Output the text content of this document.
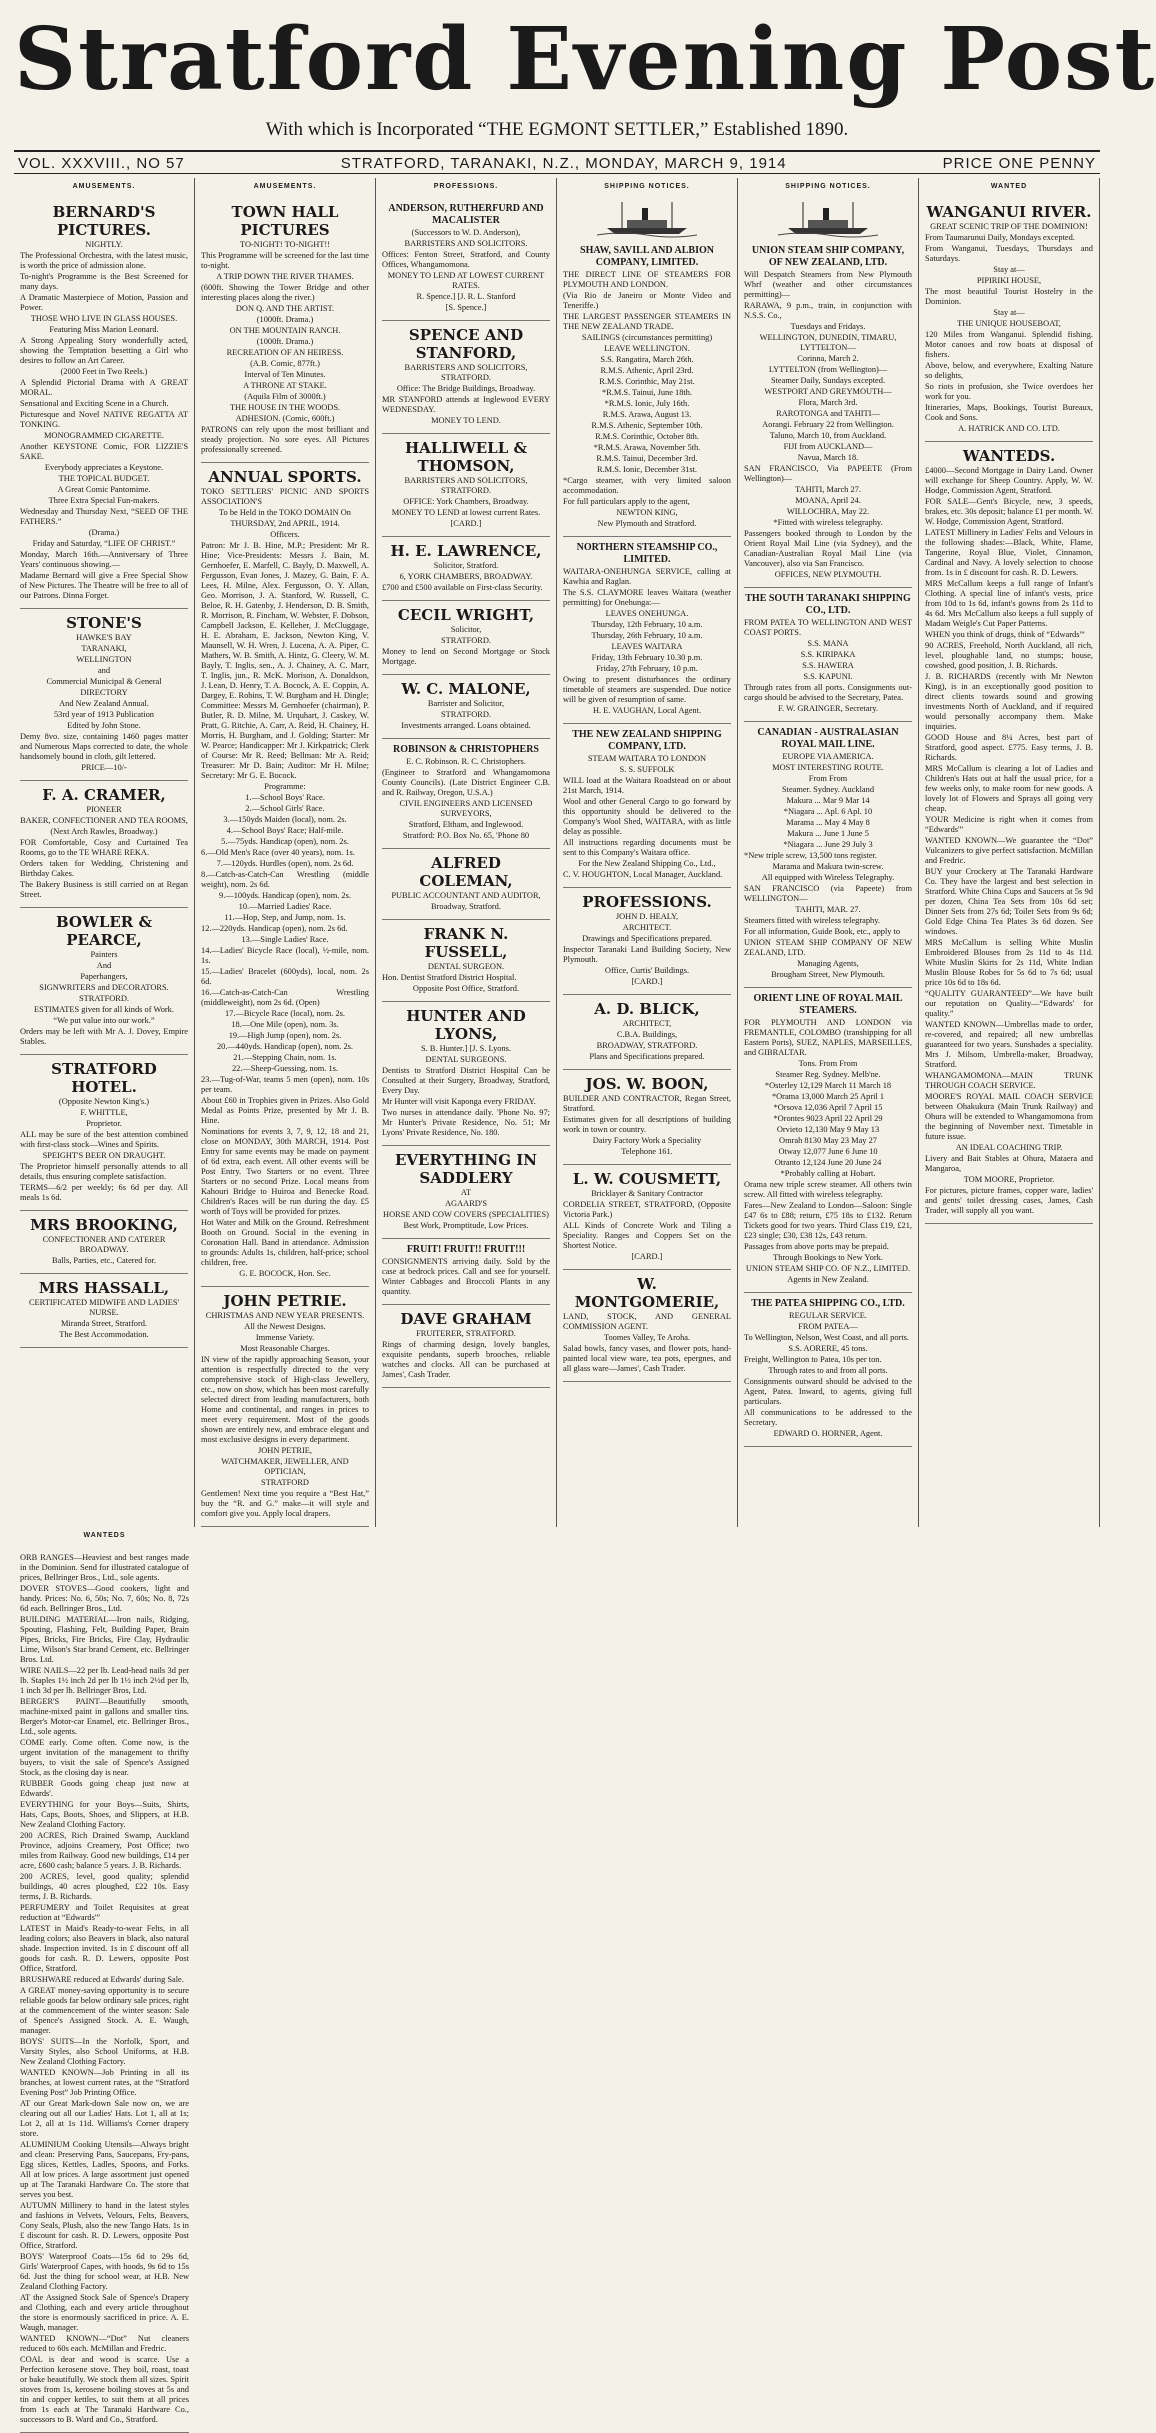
Stratford Evening Post
With which is Incorporated “THE EGMONT SETTLER,” Established 1890.
VOL. XXXVIII., NO 57	STRATFORD, TARANAKI, N.Z., MONDAY, MARCH 9, 1914	PRICE ONE PENNY
AMUSEMENTS.
BERNARD'S PICTURES.

NIGHTLY.

The Professional Orchestra, with the latest music, is worth the price of admission alone.

To-night's Programme is the Best Screened for many days.

A Dramatic Masterpiece of Motion, Passion and Power.

THOSE WHO LIVE IN GLASS HOUSES.

Featuring Miss Marion Leonard.

A Strong Appealing Story wonderfully acted, showing the Temptation besetting a Girl who desires to follow an Art Career.

(2000 Feet in Two Reels.)

A Splendid Pictorial Drama with A GREAT MORAL.

Sensational and Exciting Scene in a Church.

Picturesque and Novel NATIVE REGATTA AT TONKING.

MONOGRAMMED CIGARETTE.

Another KEYSTONE Comic, FOR LIZZIE'S SAKE.

Everybody appreciates a Keystone.

THE TOPICAL BUDGET.

A Great Comic Pantomime.

Three Extra Special Fun-makers.

Wednesday and Thursday Next, “SEED OF THE FATHERS.”

(Drama.)

Friday and Saturday, “LIFE OF CHRIST.”

Monday, March 16th.—Anniversary of Three Years' continuous showing.—

Madame Bernard will give a Free Special Show of New Pictures. The Theatre will be free to all of our Patrons. Dinna Forget.

STONE'S

HAWKE'S BAY

TARANAKI,

WELLINGTON

and

Commercial Municipal & General

DIRECTORY

And New Zealand Annual.

53rd year of 1913 Publication

Edited by John Stone.

Demy 8vo. size, containing 1460 pages matter and Numerous Maps corrected to date, the whole handsomely bound in cloth, gilt lettered.

PRICE—10/-

F. A. CRAMER,

PIONEER

BAKER, CONFECTIONER AND TEA ROOMS,

(Next Arch Rawles, Broadway.)

FOR Comfortable, Cosy and Curtained Tea Rooms, go to the TE WHARE REKA.

Orders taken for Wedding, Christening and Birthday Cakes.

The Bakery Business is still carried on at Regan Street.

BOWLER & PEARCE,

Painters

And

Paperhangers,

SIGNWRITERS and DECORATORS.

STRATFORD.

ESTIMATES given for all kinds of Work.

“We put value into our work.”

Orders may be left with Mr A. J. Dovey, Empire Stables.

STRATFORD HOTEL.

(Opposite Newton King's.)

F. WHITTLE,

Proprietor.

ALL may be sure of the best attention combined with first-class stock—Wines and Spirits.

SPEIGHT'S BEER ON DRAUGHT.

The Proprietor himself personally attends to all details, thus ensuring complete satisfaction.

TERMS—6/2 per weekly; 6s 6d per day. All meals 1s 6d.

MRS BROOKING,

CONFECTIONER AND CATERER BROADWAY.

Balls, Parties, etc., Catered for.

MRS HASSALL,

CERTIFICATED MIDWIFE AND LADIES' NURSE.

Miranda Street, Stratford.

The Best Accommodation.

AMUSEMENTS.
TOWN HALL PICTURES

TO-NIGHT! TO-NIGHT!!

This Programme will be screened for the last time to-night.

A TRIP DOWN THE RIVER THAMES.

(600ft. Showing the Tower Bridge and other interesting places along the river.)

DON Q. AND THE ARTIST.

(1000ft. Drama.)

ON THE MOUNTAIN RANCH.

(1000ft. Drama.)

RECREATION OF AN HEIRESS.

(A.B. Comic, 877ft.)

Interval of Ten Minutes.

A THRONE AT STAKE.

(Aquila Film of 3000ft.)

THE HOUSE IN THE WOODS.

ADHESION. (Comic, 600ft.)

PATRONS can rely upon the most brilliant and steady projection. No sore eyes. All Pictures professionally screened.

ANNUAL SPORTS.

TOKO SETTLERS' PICNIC AND SPORTS ASSOCIATION'S

To be Held in the TOKO DOMAIN On

THURSDAY, 2nd APRIL, 1914.

Officers.

Patron: Mr J. B. Hine, M.P.; President: Mr R. Hine; Vice-Presidents: Messrs J. Bain, M. Gernhoefer, E. Marfell, C. Bayly, D. Maxwell, A. Fergusson, Evan Jones, J. Mazey, G. Bain, F. A. Lees, H. Milne, Alex. Fergusson, O. Y. Allan, Geo. Morrison, J. A. Stanford, W. Russell, C. Beloe, R. H. Gatenby, J. Henderson, D. B. Smith, R. Morrison, R. Fincham, W. Webster, F. Dobson, Campbell Jackson, E. Kelleher, J. McCluggage, H. E. Abraham, E. Jackson, Newton King, V. Maunsell, W. H. Wren, J. Lucena, A. A. Piper, C. Mathers, W. B. Smith, A. Hintz, G. Cleery, W. M. Bayly, T. Inglis, sen., A. J. Chainey, A. C. Marr, T. Inglis, jun., R. McK. Morison, A. Donaldson, J. Lean, D. Henry, T. A. Bocock, A. E. Coppin, A. Dargey, E. Robins, T. W. Burgham and H. Dingle; Committee: Messrs M. Gernhoefer (chairman), P. Butler, R. D. Milne, M. Urquhart, J. Caskey, W. Pratt, G. Ritchie, A. Carr, A. Reid, H. Chainey, H. Morris, H. Burgham, and J. Golding; Starter: Mr W. Pearce; Handicapper: Mr J. Kirkpatrick; Clerk of Course: Mr R. Reed; Bellman: Mr A. Reid; Treasurer: Mr D. Bain; Auditor: Mr H. Milne; Secretary: Mr G. E. Bocock.

Programme:

1.—School Boys' Race.

2.—School Girls' Race.

3.—150yds Maiden (local), nom. 2s.

4.—School Boys' Race; Half-mile.

5.—75yds. Handicap (open), nom. 2s.

6.—Old Men's Race (over 40 years), nom. 1s.

7.—120yds. Hurdles (open), nom. 2s 6d.

8.—Catch-as-Catch-Can Wrestling (middle weight), nom. 2s 6d.

9.—100yds. Handicap (open), nom. 2s.

10.—Married Ladies' Race.

11.—Hop, Step, and Jump, nom. 1s.

12.—220yds. Handicap (open), nom. 2s 6d.

13.—Single Ladies' Race.

14.—Ladies' Bicycle Race (local), ½-mile, nom. 1s.

15.—Ladies' Bracelet (600yds), local, nom. 2s 6d.

16.—Catch-as-Catch-Can Wrestling (middleweight), nom 2s 6d. (Open)

17.—Bicycle Race (local), nom. 2s.

18.—One Mile (open), nom. 3s.

19.—High Jump (open), nom. 2s.

20.—440yds. Handicap (open), nom. 2s.

21.—Stepping Chain, nom. 1s.

22.—Sheep-Guessing, nom. 1s.

23.—Tug-of-War, teams 5 men (open), nom. 10s per team.

About £60 in Trophies given in Prizes. Also Gold Medal as Points Prize, presented by Mr J. B. Hine.

Nominations for events 3, 7, 9, 12, 18 and 21, close on MONDAY, 30th MARCH, 1914. Post Entry for same events may be made on payment of 6d extra, each event. All other events will be Post Entry. Two Starters or no event. Three Starters or no second Prize. Local means from Kahouri Bridge to Huiroa and Benecke Road. Children's Races will be run during the day. £5 worth of Toys will be provided for prizes.

Hot Water and Milk on the Ground. Refreshment Booth on Ground. Social in the evening in Coronation Hall. Band in attendance. Admission to grounds: Adults 1s, children, half-price; school children, free.

G. E. BOCOCK, Hon. Sec.

JOHN PETRIE.

CHRISTMAS AND NEW YEAR PRESENTS.

All the Newest Designs.

Immense Variety.

Most Reasonable Charges.

IN view of the rapidly approaching Season, your attention is respectfully directed to the very comprehensive stock of High-class Jewellery, etc., now on show, which has been most carefully selected direct from leading manufacturers, both Home and continental, and ranges in prices to meet every requirement. Most of the goods shown are entirely new, and embrace elegant and most exclusive designs in every department.

JOHN PETRIE,

WATCHMAKER, JEWELLER, AND OPTICIAN,

STRATFORD

Gentlemen! Next time you require a “Best Hat,” buy the “R. and G.” make—it will style and comfort give you. Apply local drapers.

PROFESSIONS.
ANDERSON, RUTHERFURD AND MACALISTER

(Successors to W. D. Anderson),

BARRISTERS AND SOLICITORS.

Offices: Fenton Street, Stratford, and County Offices, Whangamomona.

MONEY TO LEND AT LOWEST CURRENT RATES.

R. Spence.] [J. R. L. Stanford

[S. Spence.]

SPENCE AND STANFORD,

BARRISTERS AND SOLICITORS, STRATFORD.

Office: The Bridge Buildings, Broadway.

MR STANFORD attends at Inglewood EVERY WEDNESDAY.

MONEY TO LEND.

HALLIWELL & THOMSON,

BARRISTERS AND SOLICITORS, STRATFORD.

OFFICE: York Chambers, Broadway.

MONEY TO LEND at lowest current Rates.

[CARD.]

H. E. LAWRENCE,

Solicitor, Stratford.

6, YORK CHAMBERS, BROADWAY.

£700 and £500 available on First-class Security.

CECIL WRIGHT,

Solicitor,

STRATFORD.

Money to lend on Second Mortgage or Stock Mortgage.

W. C. MALONE,

Barrister and Solicitor,

STRATFORD.

Investments arranged. Loans obtained.

ROBINSON & CHRISTOPHERS

E. C. Robinson. R. C. Christophers.

(Engineer to Stratford and Whangamomona County Councils). (Late District Engineer C.B. and R. Railway, Oregon, U.S.A.)

CIVIL ENGINEERS AND LICENSED SURVEYORS,

Stratford, Eltham, and Inglewood.

Stratford: P.O. Box No. 65, 'Phone 80

ALFRED COLEMAN,

PUBLIC ACCOUNTANT AND AUDITOR,

Broadway, Stratford.

FRANK N. FUSSELL,

DENTAL SURGEON.

Hon. Dentist Stratford District Hospital.

Opposite Post Office, Stratford.

HUNTER AND LYONS,

S. B. Hunter.] [J. S. Lyons.

DENTAL SURGEONS.

Dentists to Stratford District Hospital Can be Consulted at their Surgery, Broadway, Stratford, Every Day.

Mr Hunter will visit Kaponga every FRIDAY.

Two nurses in attendance daily. 'Phone No. 97; Mr Hunter's Private Residence, No. 51; Mr Lyons' Private Residence, No. 180.

EVERYTHING IN SADDLERY

AT

AGAARD'S

HORSE AND COW COVERS (SPECIALITIES)

Best Work, Promptitude, Low Prices.

FRUIT! FRUIT!! FRUIT!!!

CONSIGNMENTS arriving daily. Sold by the case at bedrock prices. Call and see for yourself. Winter Cabbages and Broccoli Plants in any quantity.

DAVE GRAHAM

FRUITERER, STRATFORD.

Rings of charming design, lovely bangles, exquisite pendants, superb brooches, reliable watches and clocks. All can be purchased at James', Cash Trader.

SHIPPING NOTICES.
SHAW, SAVILL AND ALBION COMPANY, LIMITED.

THE DIRECT LINE OF STEAMERS FOR PLYMOUTH AND LONDON.

(Via Rio de Janeiro or Monte Video and Teneriffe.)

THE LARGEST PASSENGER STEAMERS IN THE NEW ZEALAND TRADE.

SAILINGS (circumstances permitting)

LEAVE WELLINGTON.

S.S. Rangatira, March 26th.

R.M.S. Athenic, April 23rd.

R.M.S. Corinthic, May 21st.

*R.M.S. Tainui, June 18th.

*R.M.S. Ionic, July 16th.

R.M.S. Arawa, August 13.

R.M.S. Athenic, September 10th.

R.M.S. Corinthic, October 8th.

*R.M.S. Arawa, November 5th.

R.M.S. Tainui, December 3rd.

R.M.S. Ionic, December 31st.

*Cargo steamer, with very limited saloon accommodation.

For full particulars apply to the agent,

NEWTON KING,

New Plymouth and Stratford.

NORTHERN STEAMSHIP CO., LIMITED.

WAITARA-ONEHUNGA SERVICE, calling at Kawhia and Raglan.

The S.S. CLAYMORE leaves Waitara (weather permitting) for Onehunga:—

LEAVES ONEHUNGA.

Thursday, 12th February, 10 a.m.

Thursday, 26th February, 10 a.m.

LEAVES WAITARA

Friday, 13th February 10.30 p.m.

Friday, 27th February, 10 p.m.

Owing to present disturbances the ordinary timetable of steamers are suspended. Due notice will be given of resumption of same.

H. E. VAUGHAN, Local Agent.

THE NEW ZEALAND SHIPPING COMPANY, LTD.

STEAM WAITARA TO LONDON

S. S. SUFFOLK

WILL load at the Waitara Roadstead on or about 21st March, 1914.

Wool and other General Cargo to go forward by this opportunity should be delivered to the Company's Wool Shed, WAITARA, with as little delay as possible.

All instructions regarding documents must be sent to this Company's Waitara office.

For the New Zealand Shipping Co., Ltd.,

C. V. HOUGHTON, Local Manager, Auckland.

PROFESSIONS.

JOHN D. HEALY,

ARCHITECT.

Drawings and Specifications prepared.

Inspector Taranaki Land Building Society, New Plymouth.

Office, Curtis' Buildings.

[CARD.]

A. D. BLICK,

ARCHITECT,

C.B.A. Buildings,

BROADWAY, STRATFORD.

Plans and Specifications prepared.

JOS. W. BOON,

BUILDER AND CONTRACTOR, Regan Street, Stratford.

Estimates given for all descriptions of building work in town or country.

Dairy Factory Work a Speciality

Telephone 161.

L. W. COUSMETT,

Bricklayer & Sanitary Contractor

CORDELIA STREET, STRATFORD, (Opposite Victoria Park.)

ALL Kinds of Concrete Work and Tiling a Speciality. Ranges and Coppers Set on the Shortest Notice.

[CARD.]

W. MONTGOMERIE,

LAND, STOCK, AND GENERAL COMMISSION AGENT.

Toomes Valley, Te Aroha.

Salad bowls, fancy vases, and flower pots, hand-painted local view ware, tea pots, epergnes, and all glass ware—James', Cash Trader.

SHIPPING NOTICES.
UNION STEAM SHIP COMPANY, OF NEW ZEALAND, LTD.

Will Despatch Steamers from New Plymouth Whrf (weather and other circumstances permitting)—

RARAWA, 9 p.m., train, in conjunction with N.S.S. Co.,

Tuesdays and Fridays.

WELLINGTON, DUNEDIN, TIMARU, LYTTELTON—

Corinna, March 2.

LYTTELTON (from Wellington)—

Steamer Daily, Sundays excepted.

WESTPORT AND GREYMOUTH—

Flora, March 3rd.

RAROTONGA and TAHITI—

Aorangi. February 22 from Wellington.

Taluno, March 10, from Auckland.

FIJI from AUCKLAND—

Navua, March 18.

SAN FRANCISCO, Via PAPEETE (From Wellington)—

TAHITI, March 27.

MOANA, April 24.

WILLOCHRA, May 22.

*Fitted with wireless telegraphy.

Passengers booked through to London by the Orient Royal Mail Line (via Sydney), and the Canadian-Australian Royal Mail Line (via Vancouver), also via San Francisco.

OFFICES, NEW PLYMOUTH.

THE SOUTH TARANAKI SHIPPING CO., LTD.

FROM PATEA TO WELLINGTON AND WEST COAST PORTS.

S.S. MANA

S.S. KIRIPAKA

S.S. HAWERA

S.S. KAPUNI.

Through rates from all ports. Consignments out-cargo should be advised to the Secretary, Patea.

F. W. GRAINGER, Secretary.

CANADIAN - AUSTRALASIAN ROYAL MAIL LINE.

EUROPE VIA AMERICA.

MOST INTERESTING ROUTE.

From From

Steamer. Sydney. Auckland

Makura ... Mar 9 Mar 14

*Niagara ... Apl. 6 Apl. 10

Marama ... May 4 May 8

Makura ... June 1 June 5

*Niagara ... June 29 July 3

*New triple screw, 13,500 tons register.

Marama and Makura twin-screw.

All equipped with Wireless Telegraphy.

SAN FRANCISCO (via Papeete) from WELLINGTON—

TAHITI, MAR. 27.

Steamers fitted with wireless telegraphy.

For all information, Guide Book, etc., apply to

UNION STEAM SHIP COMPANY OF NEW ZEALAND, LTD.

Managing Agents,

Brougham Street, New Plymouth.

ORIENT LINE OF ROYAL MAIL STEAMERS.

FOR PLYMOUTH AND LONDON via FREMANTLE, COLOMBO (transhipping for all Eastern Ports), SUEZ, NAPLES, MARSEILLES, and GIBRALTAR.

Tons. From From

Steamer Reg. Sydney. Melb'ne.

*Osterley 12,129 March 11 March 18

*Orama 13,000 March 25 April 1

*Orsova 12,036 April 7 April 15

*Orontes 9023 April 22 April 29

Orvieto 12,130 May 9 May 13

Omrah 8130 May 23 May 27

Otway 12,077 June 6 June 10

Otranto 12,124 June 20 June 24

*Probably calling at Hobart.

Orama new triple screw steamer. All others twin screw. All fitted with wireless telegraphy.

Fares—New Zealand to London—Saloon: Single £47 6s to £88; return, £75 18s to £132. Return Tickets good for two years. Third Class £19, £21, £23 single; £30, £38 12s, £43 return.

Passages from above ports may be prepaid.

Through Bookings to New York.

UNION STEAM SHIP CO. OF N.Z., LIMITED.

Agents in New Zealand.

THE PATEA SHIPPING CO., LTD.

REGULAR SERVICE.

FROM PATEA—

To Wellington, Nelson, West Coast, and all ports.

S.S. AORERE, 45 tons.

Freight, Wellington to Patea, 10s per ton.

Through rates to and from all ports.

Consignments outward should be advised to the Agent, Patea. Inward, to agents, giving full particulars.

All communications to be addressed to the Secretary.

EDWARD O. HORNER, Agent.

WANTED
WANGANUI RIVER.

GREAT SCENIC TRIP OF THE DOMINION!

From Taumarunui Daily, Mondays excepted.

From Wanganui, Tuesdays, Thursdays and Saturdays.

Stay at—

PIPIRIKI HOUSE,

The most beautiful Tourist Hostelry in the Dominion.

Stay at—

THE UNIQUE HOUSEBOAT,

120 Miles from Wanganui. Splendid fishing. Motor canoes and row boats at disposal of fishers.

Above, below, and everywhere, Exalting Nature so delights,

So riots in profusion, she Twice overdoes her work for you.

Itineraries, Maps, Bookings, Tourist Bureaux, Cook and Sons.

A. HATRICK AND CO. LTD.

WANTEDS.

£4000—Second Mortgage in Dairy Land. Owner will exchange for Sheep Country. Apply, W. W. Hodge, Commission Agent, Stratford.

FOR SALE—Gent's Bicycle, new, 3 speeds, brakes, etc. 30s deposit; balance £1 per month. W. W. Hodge, Commission Agent, Stratford.

LATEST Millinery in Ladies' Felts and Velours in the following shades:—Black, White, Flame, Tangerine, Royal Blue, Violet, Cinnamon, Cardinal and Navy. A lovely selection to choose from. 1s in £ discount for cash. R. D. Lewers.

MRS McCallum keeps a full range of Infant's Clothing. A special line of infant's vests, price from 10d to 1s 6d, infant's gowns from 2s 11d to 4s 6d. Mrs McCallum also keeps a full supply of Madam Weigle's Cut Paper Patterns.

WHEN you think of drugs, think of “Edwards'”

90 ACRES, Freehold, North Auckland, all rich, level, ploughable land, no stumps; house, cowshed, good position, J. B. Richards.

J. B. RICHARDS (recently with Mr Newton King), is in an exceptionally good position to direct clients towards sound and growing investments North of Auckland, and if required would personally accompany them. Make inquiries.

GOOD House and 8¼ Acres, best part of Stratford, good aspect. £775. Easy terms, J. B. Richards.

MRS McCallum is clearing a lot of Ladies and Children's Hats out at half the usual price, for a few weeks only, to make room for new goods. A lovely lot of Flowers and Sprays all going very cheap.

YOUR Medicine is right when it comes from “Edwards'”

WANTED KNOWN—We guarantee the “Dot” Vulcanizers to give perfect satisfaction. McMillan and Fredric.

BUY your Crockery at The Taranaki Hardware Co. They have the largest and best selection in Stratford. White China Cups and Saucers at 5s 9d per dozen, China Tea Sets from 10s 6d set; Dinner Sets from 27s 6d; Toilet Sets from 9s 6d; Gold Edge China Tea Plates 3s 6d dozen. See windows.

MRS McCallum is selling White Muslin Embroidered Blouses from 2s 11d to 4s 11d. White Muslin Skirts for 2s 11d, White Indian Muslin Blouse Robes for 5s 6d to 7s 6d; usual price 10s 6d to 18s 6d.

“QUALITY GUARANTEED”—We have built our reputation on Quality—“Edwards' for quality.”

WANTED KNOWN—Umbrellas made to order, re-covered, and repaired; all new umbrellas guaranteed for two years. Sunshades a speciality. Mrs J. Milsom, Umbrella-maker, Broadway, Stratford.

WHANGAMOMONA—MAIN TRUNK THROUGH COACH SERVICE.

MOORE'S ROYAL MAIL COACH SERVICE between Ohakukura (Main Trunk Railway) and Ohura will be extended to Whangamomona from the beginning of November next. Timetable in future issue.

AN IDEAL COACHING TRIP.

Livery and Bait Stables at Ohura, Mataera and Mangaroa,

TOM MOORE, Proprietor.

For pictures, picture frames, copper ware, ladies' and gents' toilet dressing cases, James, Cash Trader, will supply all you want.

WANTEDS

ORB RANGES—Heaviest and best ranges made in the Dominion. Send for illustrated catalogue of prices, Bellringer Bros., Ltd., sole agents.

DOVER STOVES—Good cookers, light and handy. Prices: No. 6, 50s; No. 7, 60s; No. 8, 72s 6d each. Bellringer Bros., Ltd.

BUILDING MATERIAL—Iron nails, Ridging, Spouting, Flashing, Felt, Building Paper, Brain Pipes, Bricks, Fire Bricks, Fire Clay, Hydraulic Lime, Wilson's Star brand Cement, etc. Bellringer Bros. Ltd.

WIRE NAILS—22 per lb. Lead-head nails 3d per lb. Staples 1½ inch 2d per lb 1½ inch 2½d per lb, 1 inch 3d per lb. Bellringer Bros, Ltd.

BERGER'S PAINT—Beautifully smooth, machine-mixed paint in gallons and smaller tins. Berger's Motor-car Enamel, etc. Bellringer Bros., Ltd., sole agents.

COME early. Come often. Come now, is the urgent invitation of the management to thrifty buyers, to visit the sale of Spence's Assigned Stock, as the closing day is near.

RUBBER Goods going cheap just now at Edwards'.

EVERYTHING for your Boys—Suits, Shirts, Hats, Caps, Boots, Shoes, and Slippers, at H.B. New Zealand Clothing Factory.

200 ACRES, Rich Drained Swamp, Auckland Province, adjoins Creamery, Post Office; two miles from Railway. Good new buildings, £14 per acre, £600 cash; balance 5 years. J. B. Richards.

200 ACRES, level, good quality; splendid buildings, 40 acres ploughed, £22 10s. Easy terms, J. B. Richards.

PERFUMERY and Toilet Requisites at great reduction at “Edwards'”

LATEST in Maid's Ready-to-wear Felts, in all leading colors; also Beavers in black, also natural shade. Inspection invited. 1s in £ discount off all goods for cash. R. D. Lewers, opposite Post Office, Stratford.

BRUSHWARE reduced at Edwards' during Sale.

A GREAT money-saving opportunity is to secure reliable goods far below ordinary sale prices, right at the commencement of the winter season: Sale of Spence's Assigned Stock. A. E. Waugh, manager.

BOYS' SUITS—In the Norfolk, Sport, and Varsity Styles, also School Uniforms, at H.B. New Zealand Clothing Factory.

WANTED KNOWN—Job Printing in all its branches, at lowest current rates, at the “Stratford Evening Post” Job Printing Office.

AT our Great Mark-down Sale now on, we are clearing out all our Ladies' Hats. Lot 1, all at 1s; Lot 2, all at 1s 11d. Williams's Corner drapery store.

ALUMINIUM Cooking Utensils—Always bright and clean: Preserving Pans, Saucepans, Fry-pans, Egg slices, Kettles, Ladles, Spoons, and Forks. All at low prices. A large assortment just opened up at The Taranaki Hardware Co. The store that serves you best.

AUTUMN Millinery to hand in the latest styles and fashions in Velvets, Velours, Felts, Beavers, Cony Seals, Plush, also the new Tango Hats. 1s in £ discount for cash. R. D. Lewers, opposite Post Office, Stratford.

BOYS' Waterproof Coats—15s 6d to 29s 6d, Girls' Waterproof Capes, with hoods, 9s 6d to 15s 6d. Just the thing for school wear, at H.B. New Zealand Clothing Factory.

AT the Assigned Stock Sale of Spence's Drapery and Clothing, each and every article throughout the store is enormously sacrificed in price. A. E. Waugh, manager.

WANTED KNOWN—“Dot” Nut cleaners reduced to 60s each. McMillan and Fredric.

COAL is dear and wood is scarce. Use a Perfection kerosene stove. They boil, roast, toast or bake beautifully. We stock them all sizes. Spirit stoves from 1s, kerosene boiling stoves at 5s and tin and copper kettles, to suit them at all prices from 1s each at The Taranaki Hardware Co., successors to B. Ward and Co., Stratford.
